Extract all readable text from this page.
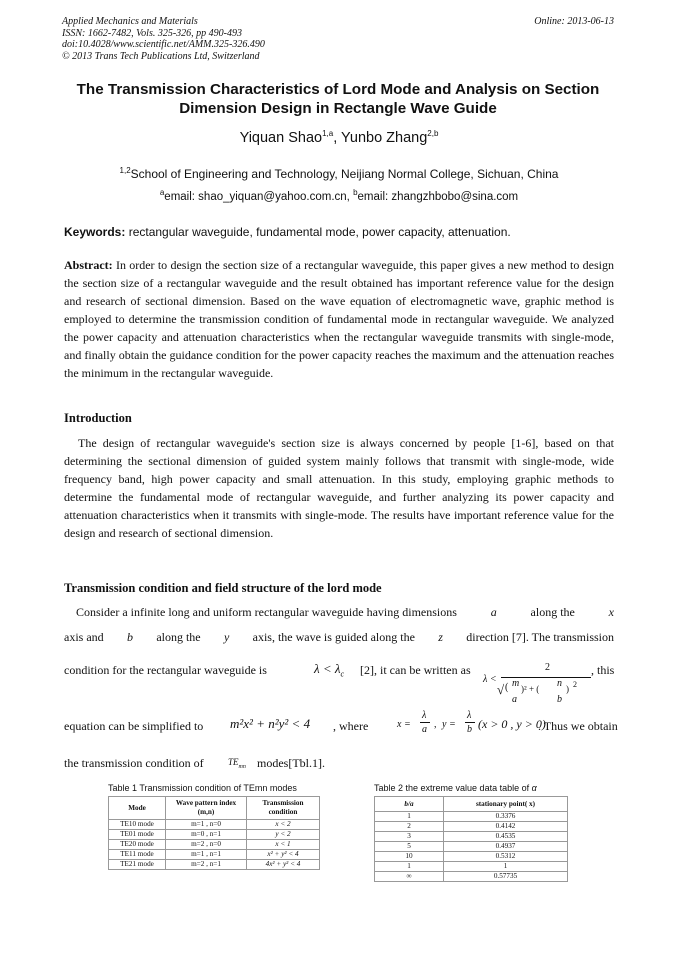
Applied Mechanics and Materials
ISSN: 1662-7482, Vols. 325-326, pp 490-493
doi:10.4028/www.scientific.net/AMM.325-326.490
© 2013 Trans Tech Publications Ltd, Switzerland
Online: 2013-06-13
The Transmission Characteristics of Lord Mode and Analysis on Section Dimension Design in Rectangle Wave Guide
Yiquan Shao$^{1,a}$, Yunbo Zhang$^{2,b}$
$^{1,2}$School of Engineering and Technology, Neijiang Normal College, Sichuan, China
$^a$email: shao_yiquan@yahoo.com.cn, $^b$email: zhangzhbobo@sina.com
Keywords: rectangular waveguide, fundamental mode, power capacity, attenuation.
Abstract: In order to design the section size of a rectangular waveguide, this paper gives a new method to design the section size of a rectangular waveguide and the result obtained has important reference value for the design and research of sectional dimension. Based on the wave equation of electromagnetic wave, graphic method is employed to determine the transmission condition of fundamental mode in rectangular waveguide. We analyzed the power capacity and attenuation characteristics when the rectangular waveguide transmits with single-mode, and finally obtain the guidance condition for the power capacity reaches the maximum and the attenuation reaches the minimum in the rectangular waveguide.
Introduction
The design of rectangular waveguide's section size is always concerned by people [1-6], based on that determining the sectional dimension of guided system mainly follows that transmit with single-mode, wide frequency band, high power capacity and small attenuation. In this study, employing graphic methods to determine the fundamental mode of rectangular waveguide, and further analyzing its power capacity and attenuation characteristics when it transmits with single-mode. The results have important reference value for the design and research of sectional dimension.
Transmission condition and field structure of the lord mode
Consider a infinite long and uniform rectangular waveguide having dimensions	a	along the	x
axis and b along the y axis, the wave is guided along the z direction [7]. The transmission
condition for the rectangular waveguide is	$\lambda < \lambda_c$ [2], it can be written as
λ <
2
√ ( m
a
)² + ( n
b
) 2
, this
equation can be simplified to m²x² + n²y² < 4 , where	x =
λ
a , y =
λ
b (x > 0 , y > 0)
. Thus we obtain
the transmission condition of	$TE_{mn}$ modes[Tbl.1].
Table 1 Transmission condition of TEmn modes
Mode	Wave pattern index (m,n)	Transmission condition
TE10 mode	m=1 , n=0	x < 2
TE01 mode	m=0 , n=1	y < 2
TE20 mode	m=2 , n=0	x < 1
TE11 mode	m=1 , n=1	x² + y² < 4
TE21 mode	m=2 , n=1	4x² + y² < 4
Table 2 the extreme value data table of α
b/a	stationary point( x)
1	0.3376
2	0.4142
3	0.4535
5	0.4937
10	0.5312
1	1
∞	0.57735
